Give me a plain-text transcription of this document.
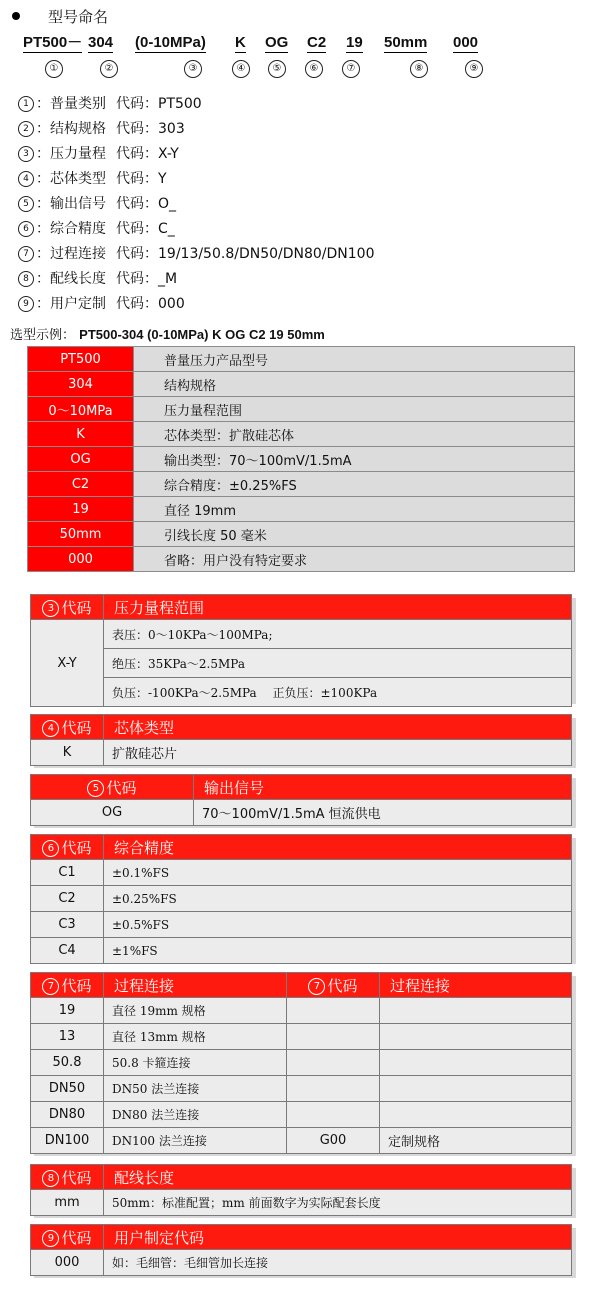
型号命名
PT500－ 304 (0-10MPa) K OG C2 19 50mm 000
①	②	③	④	⑤	⑥	⑦	⑧	⑨
1 ：普量类别 代码：PT500
2 ：结构规格 代码：303
3 ：压力量程 代码：X-Y
4 ：芯体类型 代码：Y
5 ：输出信号 代码：O_
6 ：综合精度 代码：C_
7 ：过程连接 代码：19/13/50.8/DN50/DN80/DN100
8 ：配线长度 代码：_M
9 ：用户定制 代码：000
选型示例： PT500-304 (0-10MPa) K OG C2 19 50mm
PT500	普量压力产品型号
304	结构规格
0～10MPa	压力量程范围
K	芯体类型：扩散硅芯体
OG	输出类型：70～100mV/1.5mA
C2	综合精度：±0.25%FS
19	直径 19mm
50mm	引线长度 50 毫米
000	省略：用户没有特定要求
3 代码	压力量程范围
X-Y	表压：0～10KPa～100MPa;
	绝压：35KPa～2.5MPa
	负压：-100KPa～2.5MPa　 正负压：±100KPa
4 代码	芯体类型
K	扩散硅芯片
5 代码	输出信号
OG	70～100mV/1.5mA 恒流供电
6 代码	综合精度
C1	±0.1%FS
C2	±0.25%FS
C3	±0.5%FS
C4	±1%FS
7 代码	过程连接	7 代码	过程连接
19	直径 19mm 规格		
13	直径 13mm 规格		
50.8	50.8 卡箍连接		
DN50	DN50 法兰连接		
DN80	DN80 法兰连接		
DN100	DN100 法兰连接	G00	定制规格
8 代码	配线长度
mm	50mm：标准配置；mm 前面数字为实际配套长度
9 代码	用户制定代码
000	如：毛细管：毛细管加长连接
